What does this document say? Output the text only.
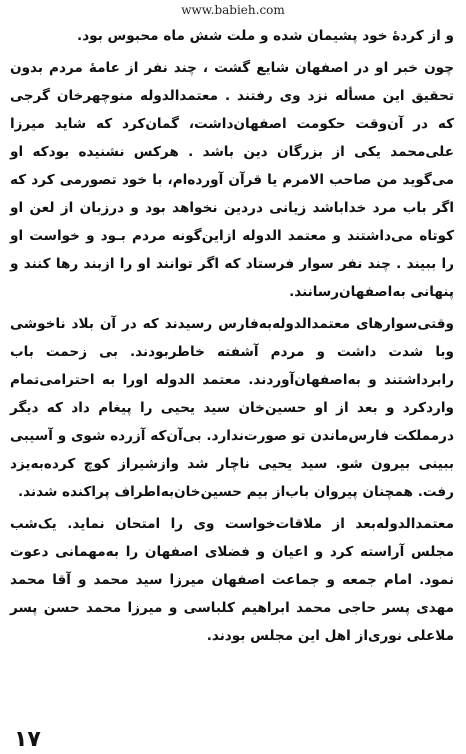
www.babieh.com

و از کردهٔ خود پشیمان شده و ملت شش ماه محبوس بود.

چون خبر او در اصفهان شایع گشت ، چند نفر از عامهٔ مردم بدون تحقیق این مسأله نزد وی رفتند . معتمدالدوله منوچهرخان گرجی که در آن‌وقت حکومت اصفهان‌داشت، گمان‌کرد که شاید میرزا علی‌محمد یکی از بزرگان دین باشد . هرکس نشنیده بودکه او می‌گوید من صاحب الامرم یا قرآن آورده‌ام، با خود تصورمی کرد که اگر باب مرد خداباشد زیانی دردین نخواهد بود و درزبان از لعن او کوتاه می‌داشتند و معتمد الدوله ازاین‌گونه مردم بـود و خواست او را ببیند . چند نفر سوار فرستاد که اگر توانند او را ازبند رها کنند و پنهانی به‌اصفهان‌رسانند.

وقتی‌سوارهای معتمدالدوله‌به‌فارس رسیدند که در آن بلاد ناخوشی وبا شدت داشت و مردم آشفته خاطربودند. بی زحمت باب رابرداشتند و به‌اصفهان‌آوردند. معتمد الدوله اورا به احترامی‌تمام واردکرد و بعد از او حسین‌خان سید یحیی را پیغام داد که دیگر درمملکت فارس‌ماندن تو صورت‌ندارد. بی‌آن‌که آزرده شوی و آسیبی ببینی بیرون شو. سید یحیی ناچار شد وازشیراز کوچ کرده‌به‌یزد رفت. همچنان پیروان باب‌از بیم حسین‌خان‌به‌اطراف پراکنده شدند.

معتمدالدوله‌بعد از ملاقات‌خواست وی را امتحان نماید. یک‌شب مجلس آراسته کرد و اعیان و فضلای اصفهان را به‌مهمانی دعوت نمود. امام جمعه و جماعت اصفهان میرزا سید محمد و آقا محمد مهدی پسر حاجی محمد ابراهیم کلباسی و میرزا محمد حسن پسر ملاعلی نوری‌از اهل این مجلس بودند.

۱۷
